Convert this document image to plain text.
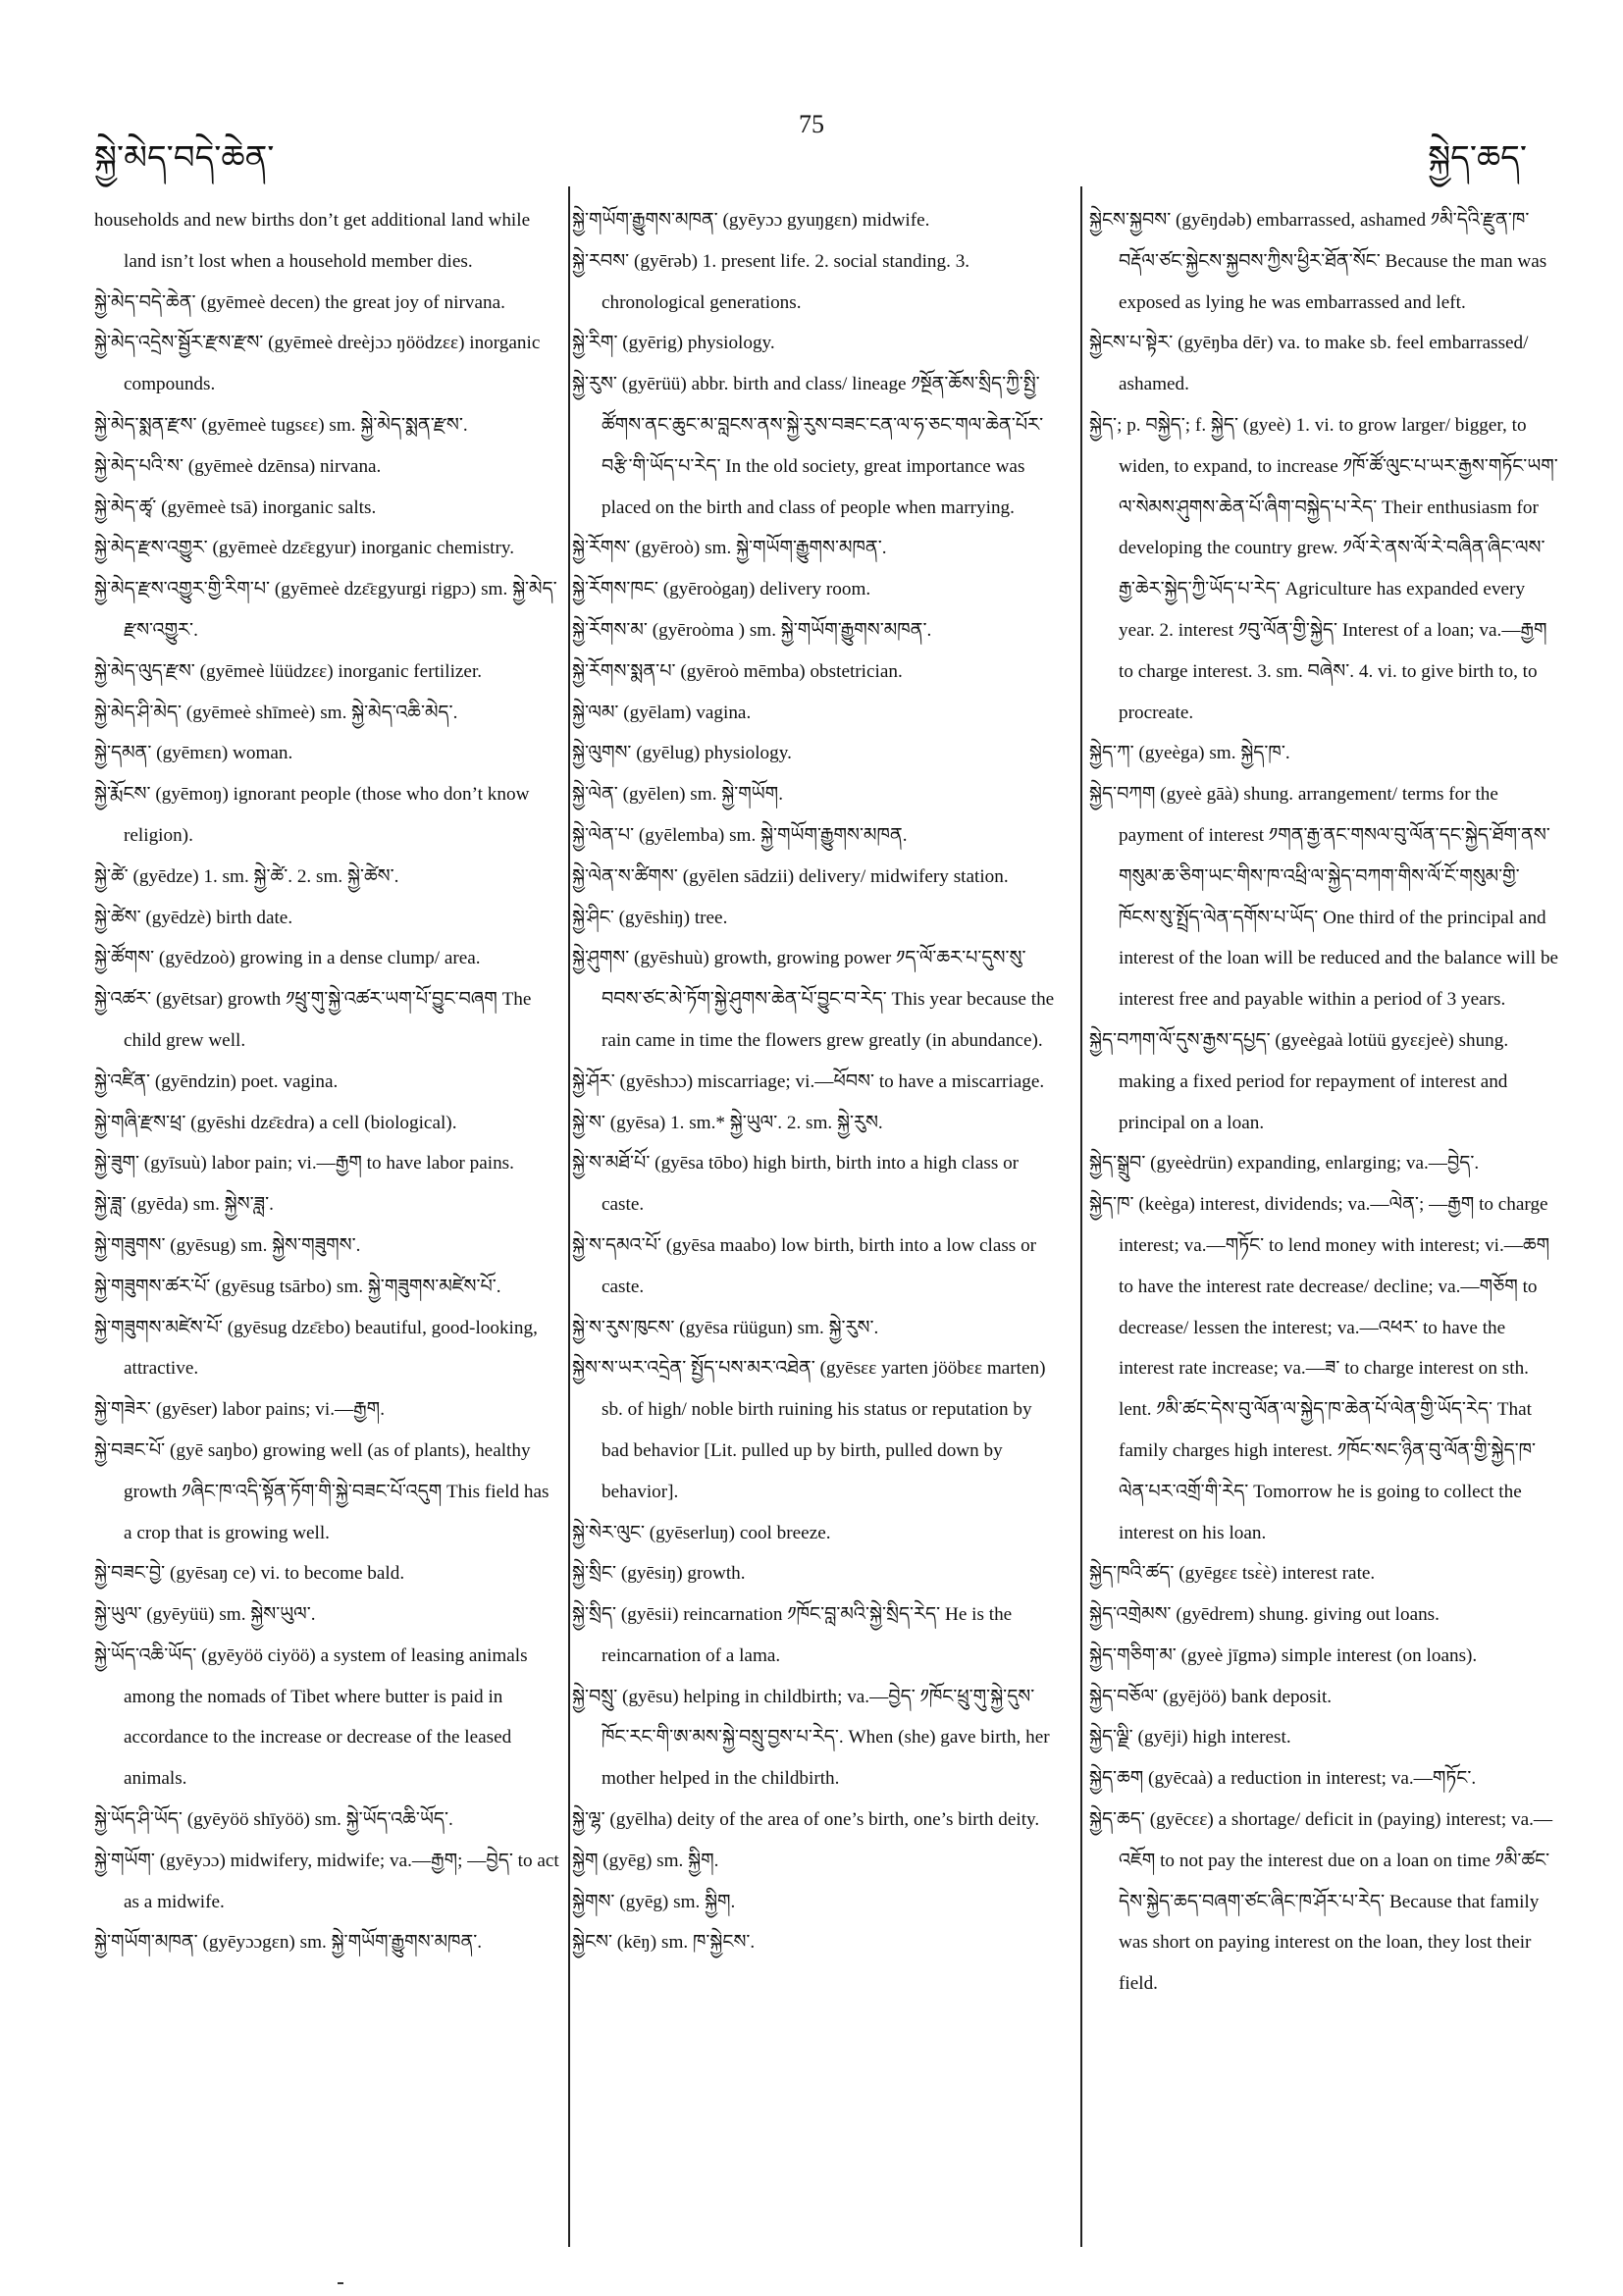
སྐྱེ་མེད་བདེ་ཆེན་
75
སྐྱེད་ཆད་

households and new births don’t get additional land while land isn’t lost when a household member dies.

སྐྱེ་མེད་བདེ་ཆེན་ (gyēmeè decen) the great joy of nirvana.

སྐྱེ་མེད་འདྲེས་སྦྱོར་རྫས་རྫས་ (gyēmeè dreèjɔɔ ŋöödzɛɛ) inorganic compounds.

སྐྱེ་མེད་སྨན་རྫས་ (gyēmeè tugsɛɛ) sm. སྐྱེ་མེད་སྨན་རྫས་.

སྐྱེ་མེད་པའི་ས་ (gyēmeè dzēnsa) nirvana.

སྐྱེ་མེད་ཚྭ་ (gyēmeè tsā) inorganic salts.

སྐྱེ་མེད་རྫས་འགྱུར་ (gyēmeè dzɛ̄ɛgyur) inorganic chemistry.

སྐྱེ་མེད་རྫས་འགྱུར་གྱི་རིག་པ་ (gyēmeè dzɛ̄ɛgyurgi rigpɔ) sm. སྐྱེ་མེད་རྫས་འགྱུར་.

སྐྱེ་མེད་ལུད་རྫས་ (gyēmeè lüüdzɛɛ) inorganic fertilizer.

སྐྱེ་མེད་ཤི་མེད་ (gyēmeè shīmeè) sm. སྐྱེ་མེད་འཆི་མེད་.

སྐྱེ་དམན་ (gyēmɛn) woman.

སྐྱེ་རྨོངས་ (gyēmoŋ) ignorant people (those who don’t know religion).

སྐྱེ་ཚེ་ (gyēdze) 1. sm. སྐྱེ་ཚེ་. 2. sm. སྐྱེ་ཚེས་.

སྐྱེ་ཚེས་ (gyēdzè) birth date.

སྐྱེ་ཚོགས་ (gyēdzoò) growing in a dense clump/ area.

སྐྱེ་འཚར་ (gyētsar) growth ༡ཕྲུ་གུ་སྐྱེ་འཚར་ཡག་པོ་བྱུང་བཞག The child grew well.

སྐྱེ་འཛིན་ (gyēndzin) poet. vagina.

སྐྱེ་གཞི་རྫས་ཕྲ་ (gyēshi dzɛ̄ɛdra) a cell (biological).

སྐྱེ་ཟུག་ (gyīsuù) labor pain; vi.—རྒྱག to have labor pains.

སྐྱེ་ཟླ་ (gyēda) sm. སྐྱེས་ཟླ་.

སྐྱེ་གཟུགས་ (gyēsug) sm. སྐྱེས་གཟུགས་.

སྐྱེ་གཟུགས་ཚར་པོ་ (gyēsug tsārbo) sm. སྐྱེ་གཟུགས་མཛེས་པོ་.

སྐྱེ་གཟུགས་མཛེས་པོ་ (gyēsug dzɛ̄ɛbo) beautiful, good-looking, attractive.

སྐྱེ་གཟེར་ (gyēser) labor pains; vi.—རྒྱག.

སྐྱེ་བཟང་པོ་ (gyē saŋbo) growing well (as of plants), healthy growth ༡ཞིང་ཁ་འདི་སྟོན་ཏོག་གི་སྐྱེ་བཟང་པོ་འདུག This field has a crop that is growing well.

སྐྱེ་བཟང་བྱེ་ (gyēsaŋ ce) vi. to become bald.

སྐྱེ་ཡུལ་ (gyēyüü) sm. སྐྱེས་ཡུལ་.

སྐྱེ་ཡོད་འཆི་ཡོད་ (gyēyöö ciyöö) a system of leasing animals among the nomads of Tibet where butter is paid in accordance to the increase or decrease of the leased animals.

སྐྱེ་ཡོད་ཤི་ཡོད་ (gyēyöö shīyöö) sm. སྐྱེ་ཡོད་འཆི་ཡོད་.

སྐྱེ་གཡོག་ (gyēyɔɔ) midwifery, midwife; va.—རྒྱག; —བྱེད་ to act as a midwife.

སྐྱེ་གཡོག་མཁན་ (gyēyɔɔgɛn) sm. སྐྱེ་གཡོག་རྒྱུགས་མཁན་.

སྐྱེ་གཡོག་རྒྱུགས་མཁན་ (gyēyɔɔ gyuŋgɛn) midwife.

སྐྱེ་རབས་ (gyērəb) 1. present life. 2. social standing. 3. chronological generations.

སྐྱེ་རིག་ (gyērig) physiology.

སྐྱེ་རུས་ (gyērüü) abbr. birth and class/ lineage ༡སྔོན་ཆོས་སྲིད་ཀྱི་སྤྱི་ཚོགས་ནང་ཆུང་མ་བླངས་ནས་སྐྱེ་རུས་བཟང་ངན་ལ་ཧ་ཅང་གལ་ཆེན་པོར་བརྩི་གི་ཡོད་པ་རེད་ In the old society, great importance was placed on the birth and class of people when marrying.

སྐྱེ་རོགས་ (gyēroò) sm. སྐྱེ་གཡོག་རྒྱུགས་མཁན་.

སྐྱེ་རོགས་ཁང་ (gyēroògaŋ) delivery room.

སྐྱེ་རོགས་མ་ (gyēroòma ) sm. སྐྱེ་གཡོག་རྒྱུགས་མཁན་.

སྐྱེ་རོགས་སྨན་པ་ (gyēroò mēmba) obstetrician.

སྐྱེ་ལམ་ (gyēlam) vagina.

སྐྱེ་ལུགས་ (gyēlug) physiology.

སྐྱེ་ལེན་ (gyēlen) sm. སྐྱེ་གཡོག.

སྐྱེ་ལེན་པ་ (gyēlemba) sm. སྐྱེ་གཡོག་རྒྱུགས་མཁན.

སྐྱེ་ལེན་ས་ཚིགས་ (gyēlen sādzii) delivery/ midwifery station.

སྐྱེ་ཤིང་ (gyēshiŋ) tree.

སྐྱེ་ཤུགས་ (gyēshuù) growth, growing power ༡ད་ལོ་ཆར་པ་དུས་སུ་བབས་ཙང་མེ་ཏོག་སྐྱེ་ཤུགས་ཆེན་པོ་བྱུང་བ་རེད་ This year because the rain came in time the flowers grew greatly (in abundance).

སྐྱེ་ཤོར་ (gyēshɔɔ) miscarriage; vi.—ཕོབས་ to have a miscarriage.

སྐྱེ་ས་ (gyēsa) 1. sm.* སྐྱེ་ཡུལ་. 2. sm. སྐྱེ་རུས.

སྐྱེ་ས་མཐོ་པོ་ (gyēsa tōbo) high birth, birth into a high class or caste.

སྐྱེ་ས་དམའ་པོ་ (gyēsa maabo) low birth, birth into a low class or caste.

སྐྱེ་ས་རུས་ཁུངས་ (gyēsa rüügun) sm. སྐྱེ་རུས་.

སྐྱེས་ས་ཡར་འདྲེན་ སྤྱོད་པས་མར་འཐེན་ (gyēsɛɛ yarten jööbɛɛ marten) sb. of high/ noble birth ruining his status or reputation by bad behavior [Lit. pulled up by birth, pulled down by behavior].

སྐྱེ་སེར་ལུང་ (gyēserluŋ) cool breeze.

སྐྱེ་སྲིང་ (gyēsiŋ) growth.

སྐྱེ་སྲིད་ (gyēsii) reincarnation ༡ཁོང་བླ་མའི་སྐྱེ་སྲིད་རེད་ He is the reincarnation of a lama.

སྐྱེ་བསྲུ་ (gyēsu) helping in childbirth; va.—བྱེད་ ༡ཁོང་ཕྲུ་གུ་སྐྱེ་དུས་ཁོང་རང་གི་ཨ་མས་སྐྱེ་བསྲུ་བྱས་པ་རེད་. When (she) gave birth, her mother helped in the childbirth.

སྐྱེ་ལྷ་ (gyēlha) deity of the area of one’s birth, one’s birth deity.

སྐྱེག (gyēg) sm. སྐྱིག.

སྐྱེགས་ (gyēg) sm. སྐྱིག.

སྐྱེངས་ (kēŋ) sm. ཁ་སྐྱེངས་.

སྐྱེངས་སྐྱབས་ (gyēŋdəb) embarrassed, ashamed ༡མི་དེའི་རྫུན་ཁ་བརྡོལ་ཙང་སྐྱེངས་སྐྱབས་ཀྱིས་ཕྱིར་ཐོན་སོང་ Because the man was exposed as lying he was embarrassed and left.

སྐྱེངས་པ་སྟེར་ (gyēŋba dēr) va. to make sb. feel embarrassed/ ashamed.

སྐྱེད་; p. བསྐྱེད་; f. སྐྱེད་ (gyeè) 1. vi. to grow larger/ bigger, to widen, to expand, to increase ༡ཁོ་ཚོ་ལུང་པ་ཡར་རྒྱས་གཏོང་ཡག་ལ་སེམས་ཤུགས་ཆེན་པོ་ཞིག་བསྐྱེད་པ་རེད་ Their enthusiasm for developing the country grew. ༡ལོ་རེ་ནས་ལོ་རེ་བཞིན་ཞིང་ལས་རྒྱ་ཆེར་སྐྱེད་ཀྱི་ཡོད་པ་རེད་ Agriculture has expanded every year. 2. interest ༡བུ་ལོན་གྱི་སྐྱེད་ Interest of a loan; va.—རྒྱག to charge interest. 3. sm. བཞེས་. 4. vi. to give birth to, to procreate.

སྐྱེད་ཀ་ (gyeèga) sm. སྐྱེད་ཁ་.

སྐྱེད་བཀག (gyeè gāà) shung. arrangement/ terms for the payment of interest ༡གན་རྒྱ་ནང་གསལ་བུ་ལོན་དང་སྐྱེད་ཐོག་ནས་གསུམ་ཆ་ཅིག་ཡང་གིས་ཁ་འཕྲི་ལ་སྐྱེད་བཀག་གིས་ལོ་ངོ་གསུམ་གྱི་ཁོངས་སུ་སྤྲོད་ལེན་དགོས་པ་ཡོད་ One third of the principal and interest of the loan will be reduced and the balance will be interest free and payable within a period of 3 years.

སྐྱེད་བཀག་ལོ་དུས་རྒྱས་དཔྱད་ (gyeègaà lotüü gyɛɛjeè) shung. making a fixed period for repayment of interest and principal on a loan.

སྐྱེད་སྒྲུབ་ (gyeèdrün) expanding, enlarging; va.—བྱེད་.

སྐྱེད་ཁ་ (keèga) interest, dividends; va.—ལེན་; —རྒྱག to charge interest; va.—གཏོང་ to lend money with interest; vi.—ཆག to have the interest rate decrease/ decline; va.—གཅོག to decrease/ lessen the interest; va.—འཕར་ to have the interest rate increase; va.—ཟ་ to charge interest on sth. lent. ༡མི་ཚང་དེས་བུ་ལོན་ལ་སྐྱེད་ཁ་ཆེན་པོ་ལེན་གྱི་ཡོད་རེད་ That family charges high interest. ༡ཁོང་སང་ཉིན་བུ་ལོན་གྱི་སྐྱེད་ཁ་ལེན་པར་འགྲོ་གི་རེད་ Tomorrow he is going to collect the interest on his loan.

སྐྱེད་ཁའི་ཚད་ (gyēgɛɛ tsɛ̀è) interest rate.

སྐྱེད་འགྲེམས་ (gyēdrem) shung. giving out loans.

སྐྱེད་གཅིག་མ་ (gyeè jīgmə) simple interest (on loans).

སྐྱེད་བཅོལ་ (gyējöö) bank deposit.

སྐྱེད་ལྗི་ (gyēji) high interest.

སྐྱེད་ཆག (gyēcaà) a reduction in interest; va.—གཏོང་.

སྐྱེད་ཆད་ (gyēcɛɛ) a shortage/ deficit in (paying) interest; va.—འཇོག to not pay the interest due on a loan on time ༡མི་ཚང་དེས་སྐྱེད་ཆད་བཞག་ཙང་ཞིང་ཁ་ཤོར་པ་རེད་ Because that family was short on paying interest on the loan, they lost their field.
